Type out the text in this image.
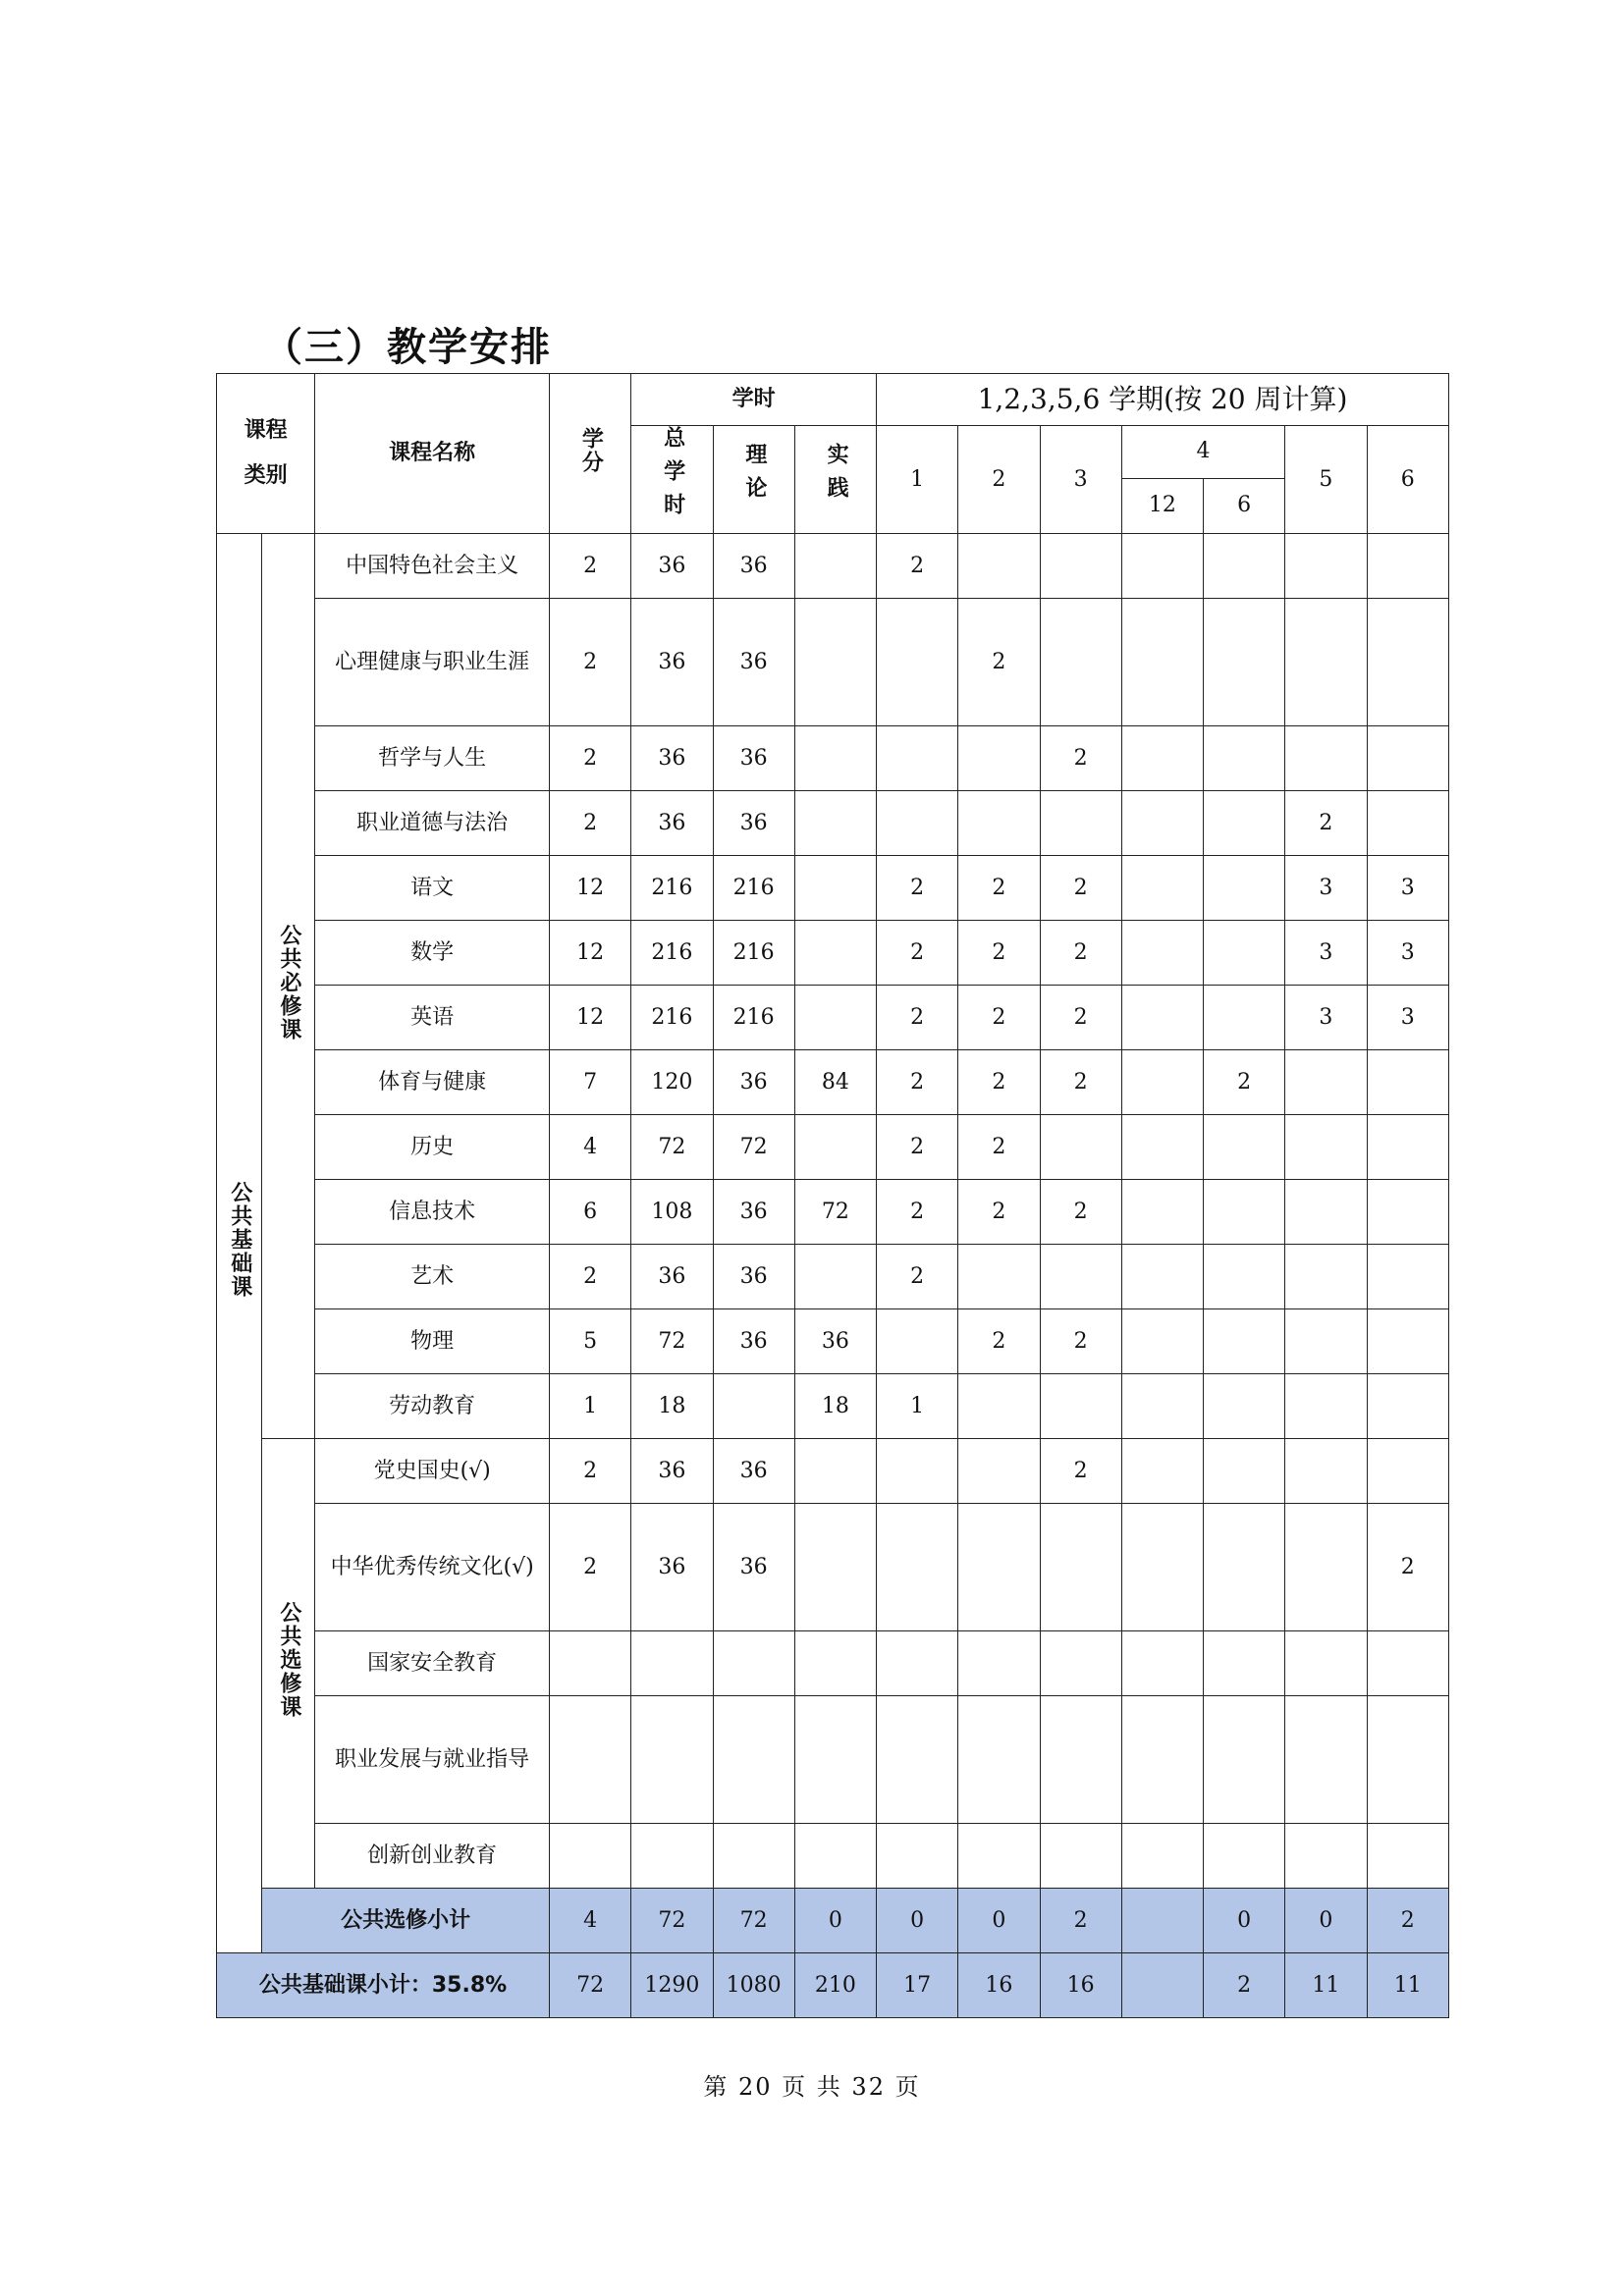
（三）教学安排
课程类别		课程名称	学分	学时			1,2,3,5,6 学期(按 20 周计算)						
				总学时	理论	实践	1	2	3	4		5	6
										12	6		
公共基础课	公共必修课	中国特色社会主义	2	36	36		2						
		心理健康与职业生涯	2	36	36			2					
		哲学与人生	2	36	36				2				
		职业道德与法治	2	36	36							2	
		语文	12	216	216		2	2	2			3	3
		数学	12	216	216		2	2	2			3	3
		英语	12	216	216		2	2	2			3	3
		体育与健康	7	120	36	84	2	2	2		2		
		历史	4	72	72		2	2					
		信息技术	6	108	36	72	2	2	2				
		艺术	2	36	36		2						
		物理	5	72	36	36		2	2				
		劳动教育	1	18		18	1						
	公共选修课	党史国史(√)	2	36	36				2				
		中华优秀传统文化(√)	2	36	36								2
		国家安全教育											
		职业发展与就业指导											
		创新创业教育											
	公共选修小计		4	72	72	0	0	0	2		0	0	2
公共基础课小计：35.8%			72	1290	1080	210	17	16	16		2	11	11
第 20 页 共 32 页
